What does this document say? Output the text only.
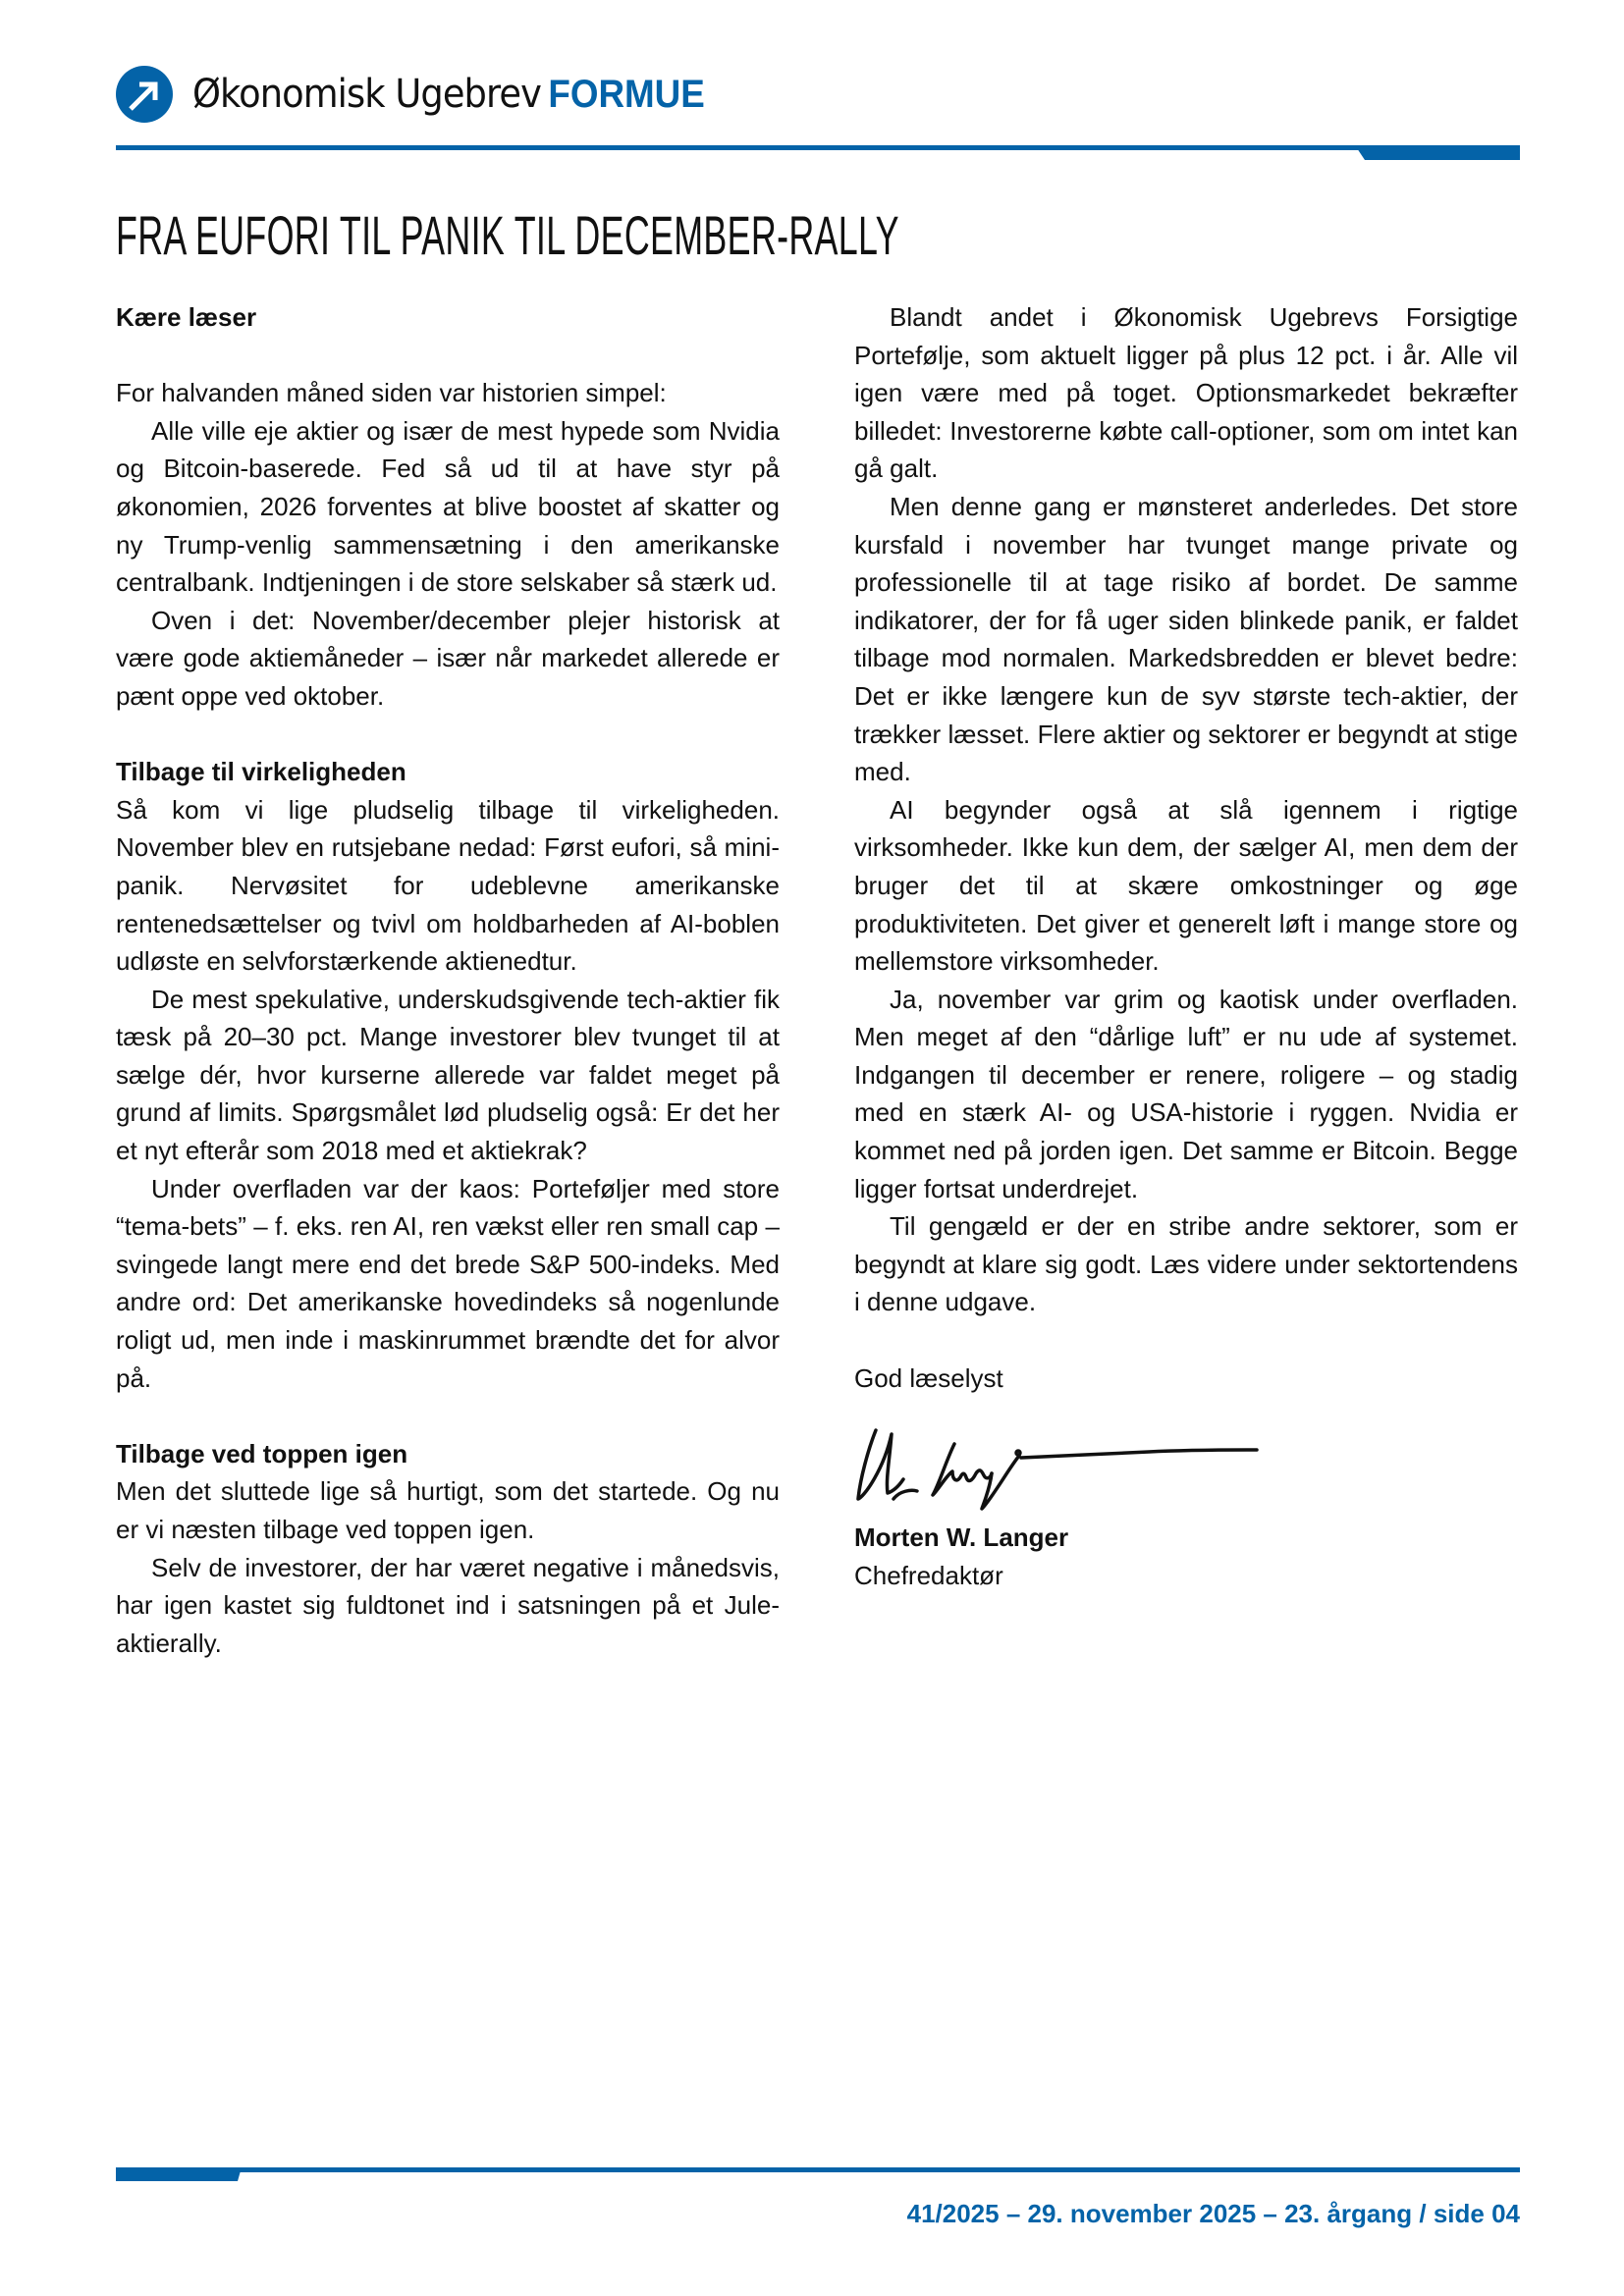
Økonomisk Ugebrev FORMUE
FRA EUFORI TIL PANIK TIL DECEMBER-RALLY

Kære læser

For halvanden måned siden var historien simpel:

Alle ville eje aktier og især de mest hypede som Nvidia og Bitcoin-baserede. Fed så ud til at have styr på økonomien, 2026 forventes at blive boostet af skatter og ny Trump-venlig sammensætning i den amerikanske centralbank. Indtjeningen i de store selskaber så stærk ud.

Oven i det: November/december plejer historisk at være gode aktiemåneder – især når markedet allerede er pænt oppe ved oktober.

Tilbage til virkeligheden

Så kom vi lige pludselig tilbage til virkeligheden. November blev en rutsjebane nedad: Først eufori, så mini-panik. Nervøsitet for udeblevne amerikanske rentenedsættelser og tvivl om holdbarheden af AI-boblen udløste en selvforstærkende aktienedtur.

De mest spekulative, underskudsgivende tech-aktier fik tæsk på 20–30 pct. Mange investorer blev tvunget til at sælge dér, hvor kurserne allerede var faldet meget på grund af limits. Spørgsmålet lød pludselig også: Er det her et nyt efterår som 2018 med et aktiekrak?

Under overfladen var der kaos: Porteføljer med store “tema-bets” – f. eks. ren AI, ren vækst eller ren small cap – svingede langt mere end det brede S&P 500-indeks. Med andre ord: Det amerikanske hovedindeks så nogenlunde roligt ud, men inde i maskinrummet brændte det for alvor på.

Tilbage ved toppen igen

Men det sluttede lige så hurtigt, som det startede. Og nu er vi næsten tilbage ved toppen igen.

Selv de investorer, der har været negative i månedsvis, har igen kastet sig fuldtonet ind i satsningen på et Jule-aktierally.

Blandt andet i Økonomisk Ugebrevs Forsigtige Portefølje, som aktuelt ligger på plus 12 pct. i år. Alle vil igen være med på toget. Optionsmarkedet bekræfter billedet: Investorerne købte call-optioner, som om intet kan gå galt.

Men denne gang er mønsteret anderledes. Det store kursfald i november har tvunget mange private og professionelle til at tage risiko af bordet. De samme indikatorer, der for få uger siden blinkede panik, er faldet tilbage mod normalen. Markedsbredden er blevet bedre: Det er ikke længere kun de syv største tech-aktier, der trækker læsset. Flere aktier og sektorer er begyndt at stige med.

AI begynder også at slå igennem i rigtige virksomheder. Ikke kun dem, der sælger AI, men dem der bruger det til at skære omkostninger og øge produktiviteten. Det giver et generelt løft i mange store og mellemstore virksomheder.

Ja, november var grim og kaotisk under overfladen. Men meget af den “dårlige luft” er nu ude af systemet. Indgangen til december er renere, roligere – og stadig med en stærk AI- og USA-historie i ryggen. Nvidia er kommet ned på jorden igen. Det samme er Bitcoin. Begge ligger fortsat underdrejet.

Til gengæld er der en stribe andre sektorer, som er begyndt at klare sig godt. Læs videre under sektortendens i denne udgave.

God læselyst

Morten W. Langer

Chefredaktør

41/2025 – 29. november 2025 – 23. årgang / side 04
